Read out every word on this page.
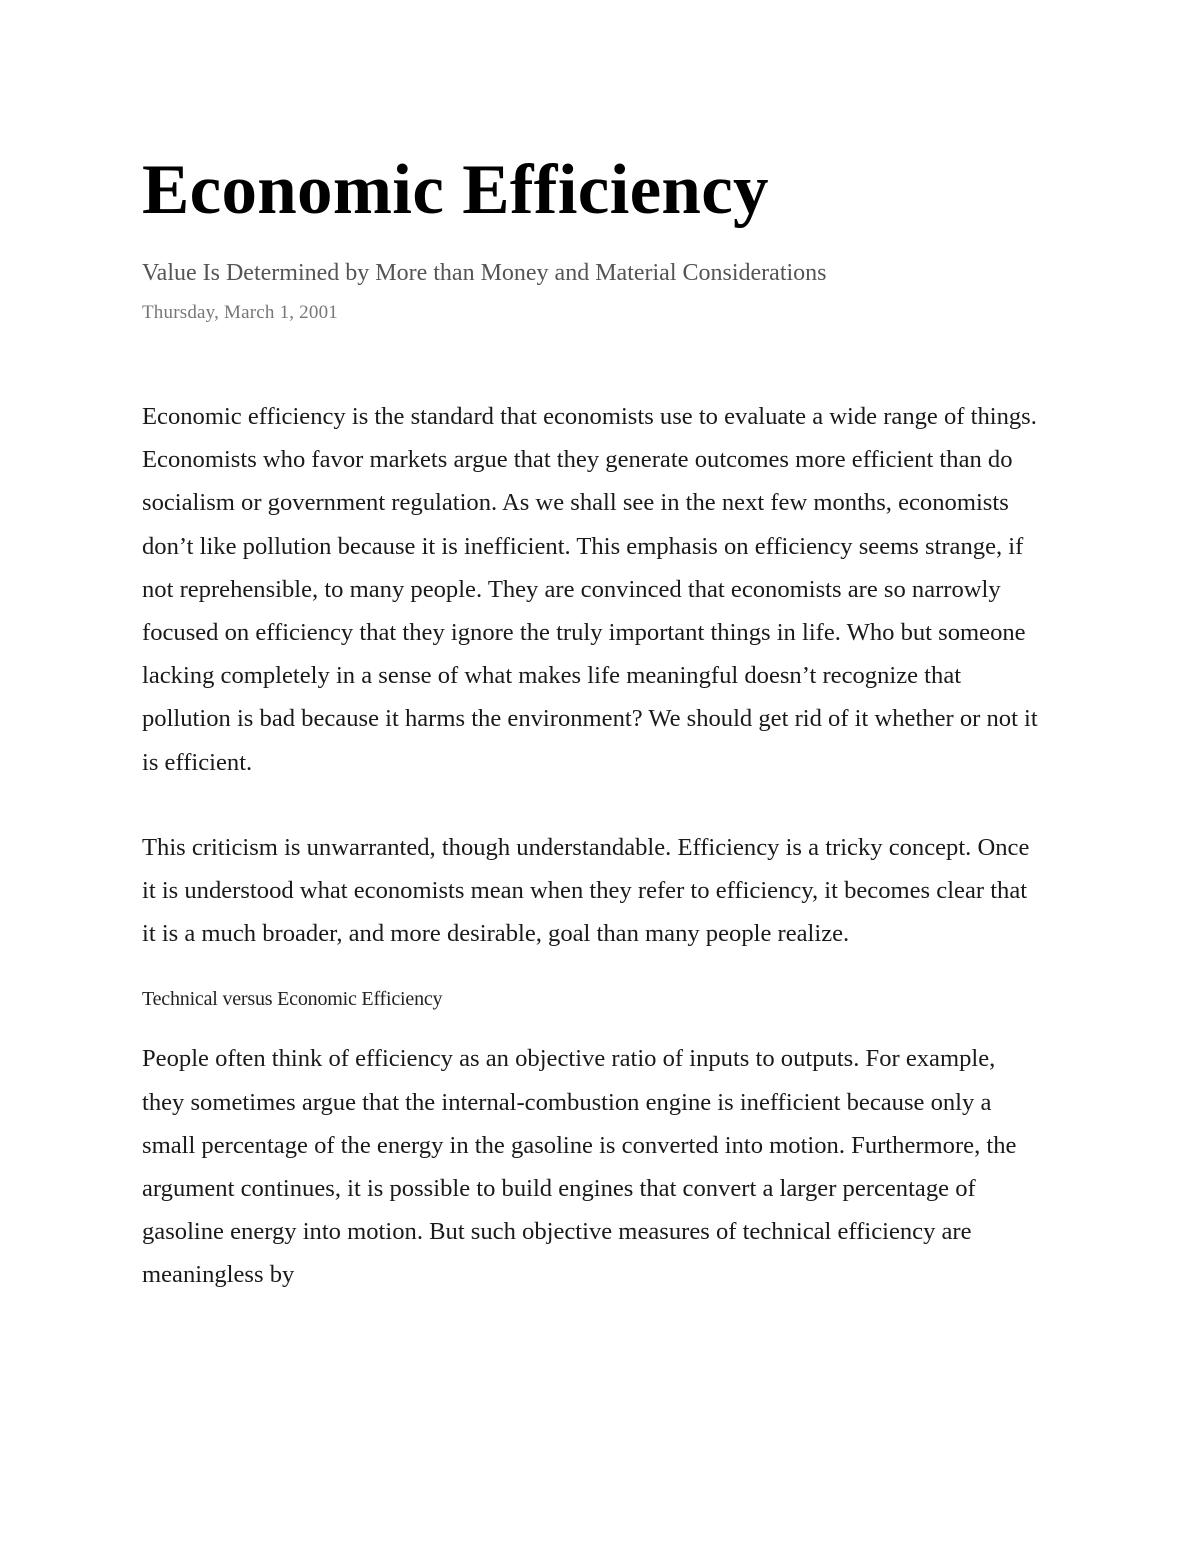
Economic Efficiency

Value Is Determined by More than Money and Material Considerations

Thursday, March 1, 2001

Economic efficiency is the standard that economists use to evaluate a wide range of things. Economists who favor markets argue that they generate outcomes more efficient than do socialism or government regulation. As we shall see in the next few months, economists don’t like pollution because it is inefficient. This emphasis on efficiency seems strange, if not reprehensible, to many people. They are convinced that economists are so narrowly focused on efficiency that they ignore the truly important things in life. Who but someone lacking completely in a sense of what makes life meaningful doesn’t recognize that pollution is bad because it harms the environment? We should get rid of it whether or not it is efficient.

This criticism is unwarranted, though understandable. Efficiency is a tricky concept. Once it is understood what economists mean when they refer to efficiency, it becomes clear that it is a much broader, and more desirable, goal than many people realize.

Technical versus Economic Efficiency

People often think of efficiency as an objective ratio of inputs to outputs. For example, they sometimes argue that the internal-combustion engine is inefficient because only a small percentage of the energy in the gasoline is converted into motion. Furthermore, the argument continues, it is possible to build engines that convert a larger percentage of gasoline energy into motion. But such objective measures of technical efficiency are meaningless by
